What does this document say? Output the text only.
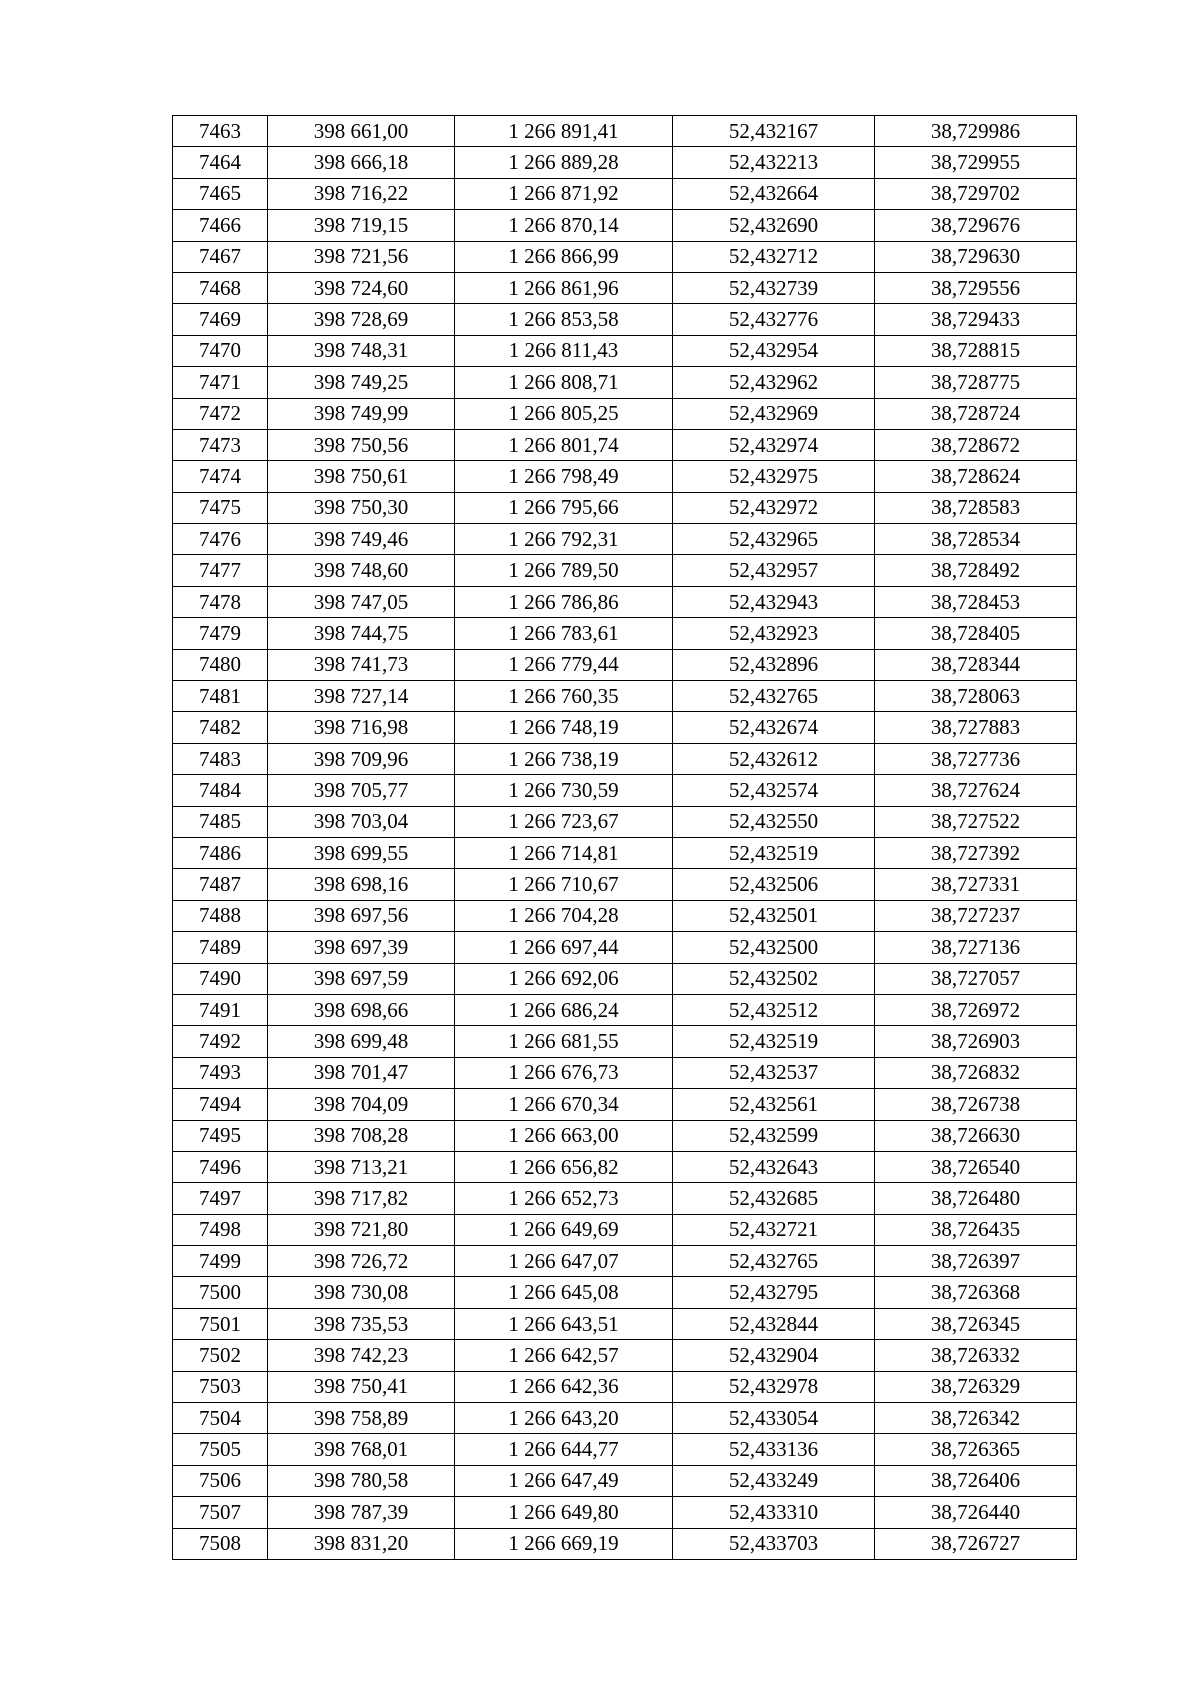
7463	398 661,00	1 266 891,41	52,432167	38,729986
7464	398 666,18	1 266 889,28	52,432213	38,729955
7465	398 716,22	1 266 871,92	52,432664	38,729702
7466	398 719,15	1 266 870,14	52,432690	38,729676
7467	398 721,56	1 266 866,99	52,432712	38,729630
7468	398 724,60	1 266 861,96	52,432739	38,729556
7469	398 728,69	1 266 853,58	52,432776	38,729433
7470	398 748,31	1 266 811,43	52,432954	38,728815
7471	398 749,25	1 266 808,71	52,432962	38,728775
7472	398 749,99	1 266 805,25	52,432969	38,728724
7473	398 750,56	1 266 801,74	52,432974	38,728672
7474	398 750,61	1 266 798,49	52,432975	38,728624
7475	398 750,30	1 266 795,66	52,432972	38,728583
7476	398 749,46	1 266 792,31	52,432965	38,728534
7477	398 748,60	1 266 789,50	52,432957	38,728492
7478	398 747,05	1 266 786,86	52,432943	38,728453
7479	398 744,75	1 266 783,61	52,432923	38,728405
7480	398 741,73	1 266 779,44	52,432896	38,728344
7481	398 727,14	1 266 760,35	52,432765	38,728063
7482	398 716,98	1 266 748,19	52,432674	38,727883
7483	398 709,96	1 266 738,19	52,432612	38,727736
7484	398 705,77	1 266 730,59	52,432574	38,727624
7485	398 703,04	1 266 723,67	52,432550	38,727522
7486	398 699,55	1 266 714,81	52,432519	38,727392
7487	398 698,16	1 266 710,67	52,432506	38,727331
7488	398 697,56	1 266 704,28	52,432501	38,727237
7489	398 697,39	1 266 697,44	52,432500	38,727136
7490	398 697,59	1 266 692,06	52,432502	38,727057
7491	398 698,66	1 266 686,24	52,432512	38,726972
7492	398 699,48	1 266 681,55	52,432519	38,726903
7493	398 701,47	1 266 676,73	52,432537	38,726832
7494	398 704,09	1 266 670,34	52,432561	38,726738
7495	398 708,28	1 266 663,00	52,432599	38,726630
7496	398 713,21	1 266 656,82	52,432643	38,726540
7497	398 717,82	1 266 652,73	52,432685	38,726480
7498	398 721,80	1 266 649,69	52,432721	38,726435
7499	398 726,72	1 266 647,07	52,432765	38,726397
7500	398 730,08	1 266 645,08	52,432795	38,726368
7501	398 735,53	1 266 643,51	52,432844	38,726345
7502	398 742,23	1 266 642,57	52,432904	38,726332
7503	398 750,41	1 266 642,36	52,432978	38,726329
7504	398 758,89	1 266 643,20	52,433054	38,726342
7505	398 768,01	1 266 644,77	52,433136	38,726365
7506	398 780,58	1 266 647,49	52,433249	38,726406
7507	398 787,39	1 266 649,80	52,433310	38,726440
7508	398 831,20	1 266 669,19	52,433703	38,726727
